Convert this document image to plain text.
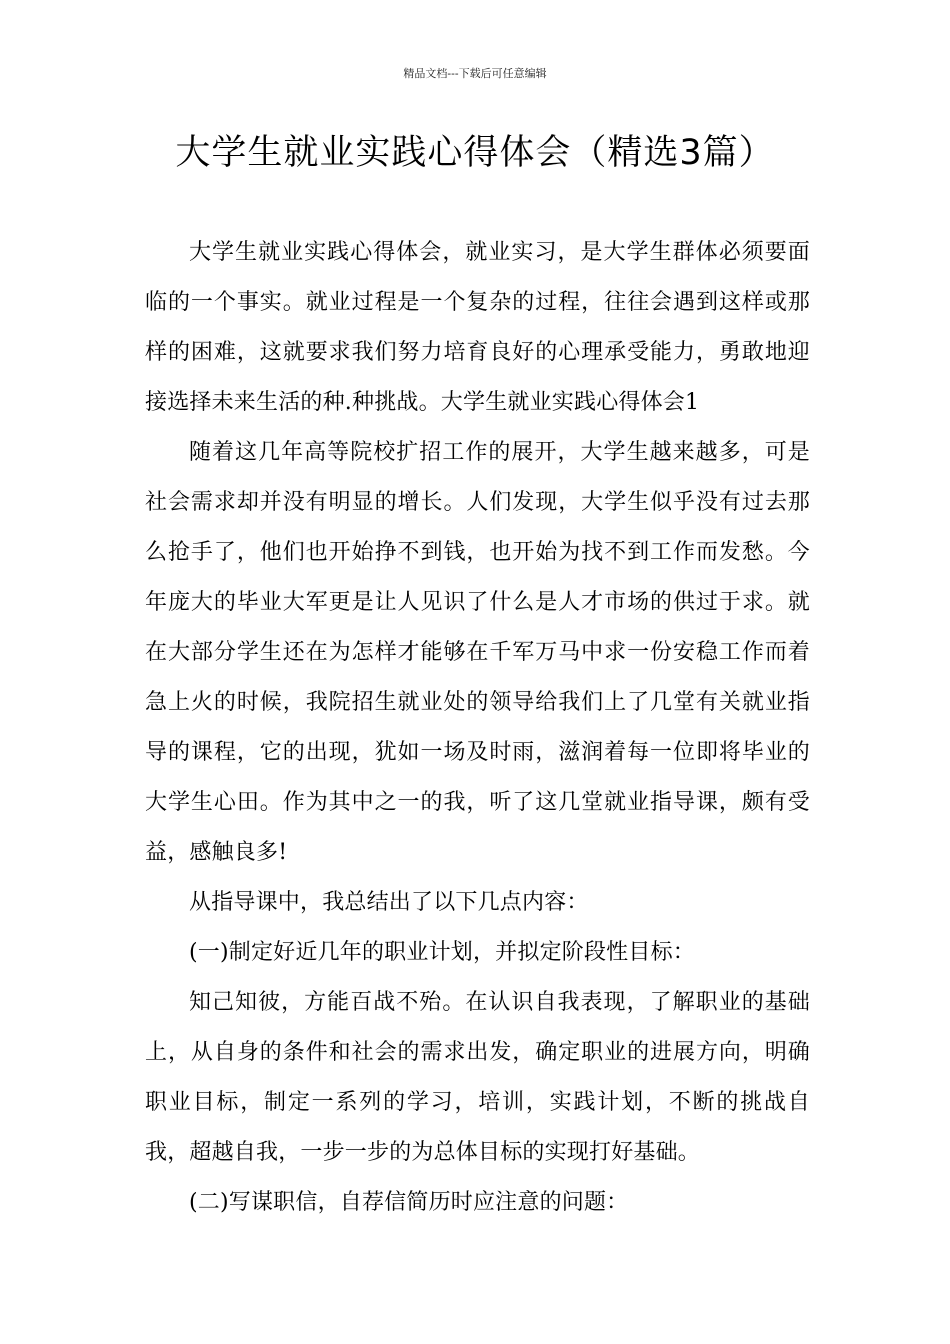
精品文档---下载后可任意编辑
大学生就业实践心得体会（精选3篇）

大学生就业实践心得体会，就业实习，是大学生群体必须要面临的一个事实。就业过程是一个复杂的过程，往往会遇到这样或那样的困难，这就要求我们努力培育良好的心理承受能力，勇敢地迎接选择未来生活的种.种挑战。大学生就业实践心得体会1

随着这几年高等院校扩招工作的展开，大学生越来越多，可是社会需求却并没有明显的增长。人们发现，大学生似乎没有过去那么抢手了，他们也开始挣不到钱，也开始为找不到工作而发愁。今年庞大的毕业大军更是让人见识了什么是人才市场的供过于求。就在大部分学生还在为怎样才能够在千军万马中求一份安稳工作而着急上火的时候，我院招生就业处的领导给我们上了几堂有关就业指导的课程，它的出现，犹如一场及时雨，滋润着每一位即将毕业的大学生心田。作为其中之一的我，听了这几堂就业指导课，颇有受益，感触良多!

从指导课中，我总结出了以下几点内容：

(一)制定好近几年的职业计划，并拟定阶段性目标：

知己知彼，方能百战不殆。在认识自我表现，了解职业的基础上，从自身的条件和社会的需求出发，确定职业的进展方向，明确职业目标，制定一系列的学习，培训，实践计划，不断的挑战自我，超越自我，一步一步的为总体目标的实现打好基础。

(二)写谋职信，自荐信简历时应注意的问题：
